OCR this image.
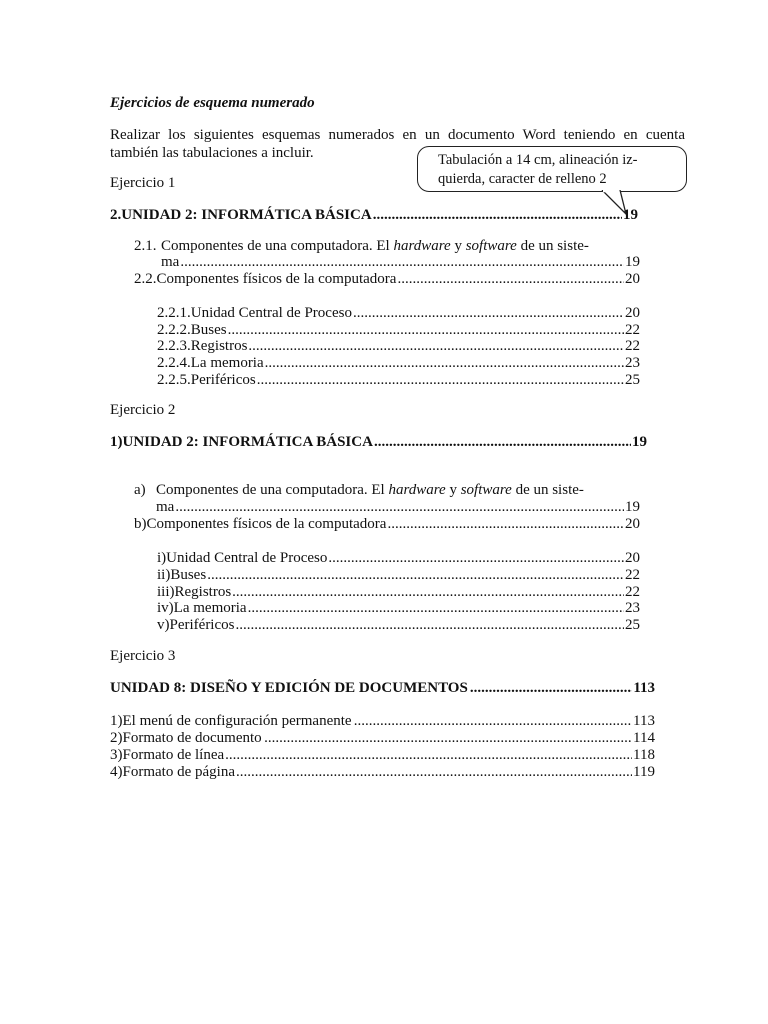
Ejercicios de esquema numerado
Realizar los siguientes esquemas numerados en un documento Word teniendo en cuenta
también las tabulaciones a incluir.	Tabulación a 14 cm, alineación iz-
quierda, caracter de relleno 2
Ejercicio 1
2. UNIDAD 2: INFORMÁTICA BÁSICA .....	19
2.1. Componentes de una computadora. El
hardware
y
software
de un siste-
ma .....	19
2.2. Componentes físicos de la computadora .....	20
2.2.1. Unidad Central de Proceso .....	20
2.2.2. Buses .....	22
2.2.3. Registros .....	22
2.2.4. La memoria .....	23
2.2.5. Periféricos .....	25
Ejercicio 2
1) UNIDAD 2: INFORMÁTICA BÁSICA .....	19
a) Componentes de una computadora. El
hardware
y
software
de un siste-
ma .....	19
b) Componentes físicos de la computadora .....	20
i) Unidad Central de Proceso .....	20
ii) Buses .....	22
iii) Registros .....	22
iv) La memoria .....	23
v) Periféricos .....	25
Ejercicio 3
UNIDAD 8: DISEÑO Y EDICIÓN DE DOCUMENTOS .....	113
1) El menú de configuración permanente .....	113
2) Formato de documento .....	114
3) Formato de línea .....	118
4) Formato de página .....	119
